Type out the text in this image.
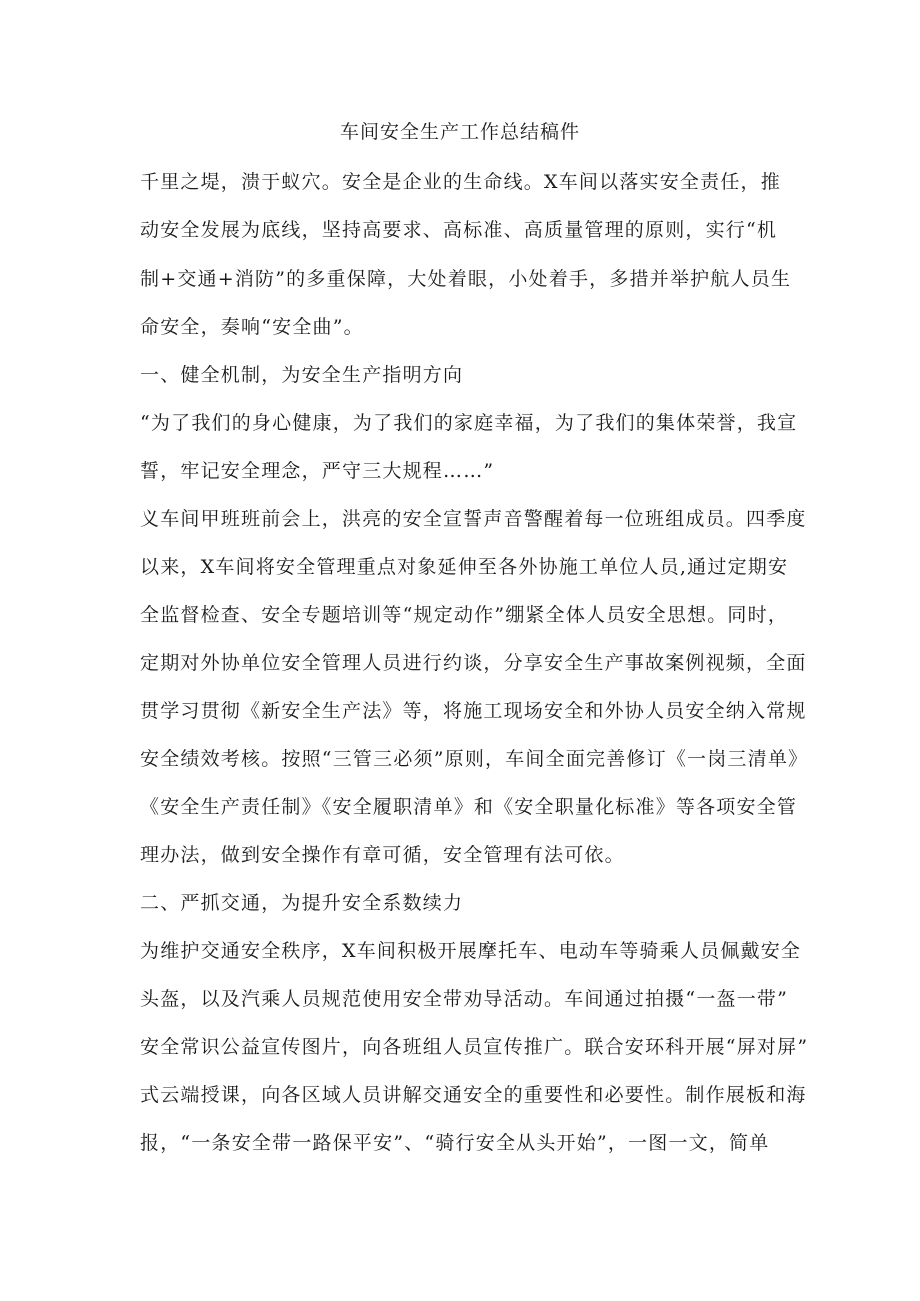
车间安全生产工作总结稿件
千里之堤，溃于蚁穴。安全是企业的生命线。X车间以落实安全责任，推
动安全发展为底线，坚持高要求、高标准、高质量管理的原则，实行“机
制+交通+消防”的多重保障，大处着眼，小处着手，多措并举护航人员生
命安全，奏响“安全曲”。
一、健全机制，为安全生产指明方向
“为了我们的身心健康，为了我们的家庭幸福，为了我们的集体荣誉，我宣
誓，牢记安全理念，严守三大规程……”
义车间甲班班前会上，洪亮的安全宣誓声音警醒着每一位班组成员。四季度
以来，X车间将安全管理重点对象延伸至各外协施工单位人员,通过定期安
全监督检查、安全专题培训等“规定动作”绷紧全体人员安全思想。同时，
定期对外协单位安全管理人员进行约谈，分享安全生产事故案例视频，全面
贯学习贯彻《新安全生产法》等，将施工现场安全和外协人员安全纳入常规
安全绩效考核。按照“三管三必须”原则，车间全面完善修订《一岗三清单》
《安全生产责任制》《安全履职清单》和《安全职量化标准》等各项安全管
理办法，做到安全操作有章可循，安全管理有法可依。
二、严抓交通，为提升安全系数续力
为维护交通安全秩序，X车间积极开展摩托车、电动车等骑乘人员佩戴安全
头盔，以及汽乘人员规范使用安全带劝导活动。车间通过拍摄“一盔一带”
安全常识公益宣传图片，向各班组人员宣传推广。联合安环科开展“屏对屏”
式云端授课，向各区域人员讲解交通安全的重要性和必要性。制作展板和海
报，“一条安全带一路保平安”、“骑行安全从头开始”，一图一文，简单
